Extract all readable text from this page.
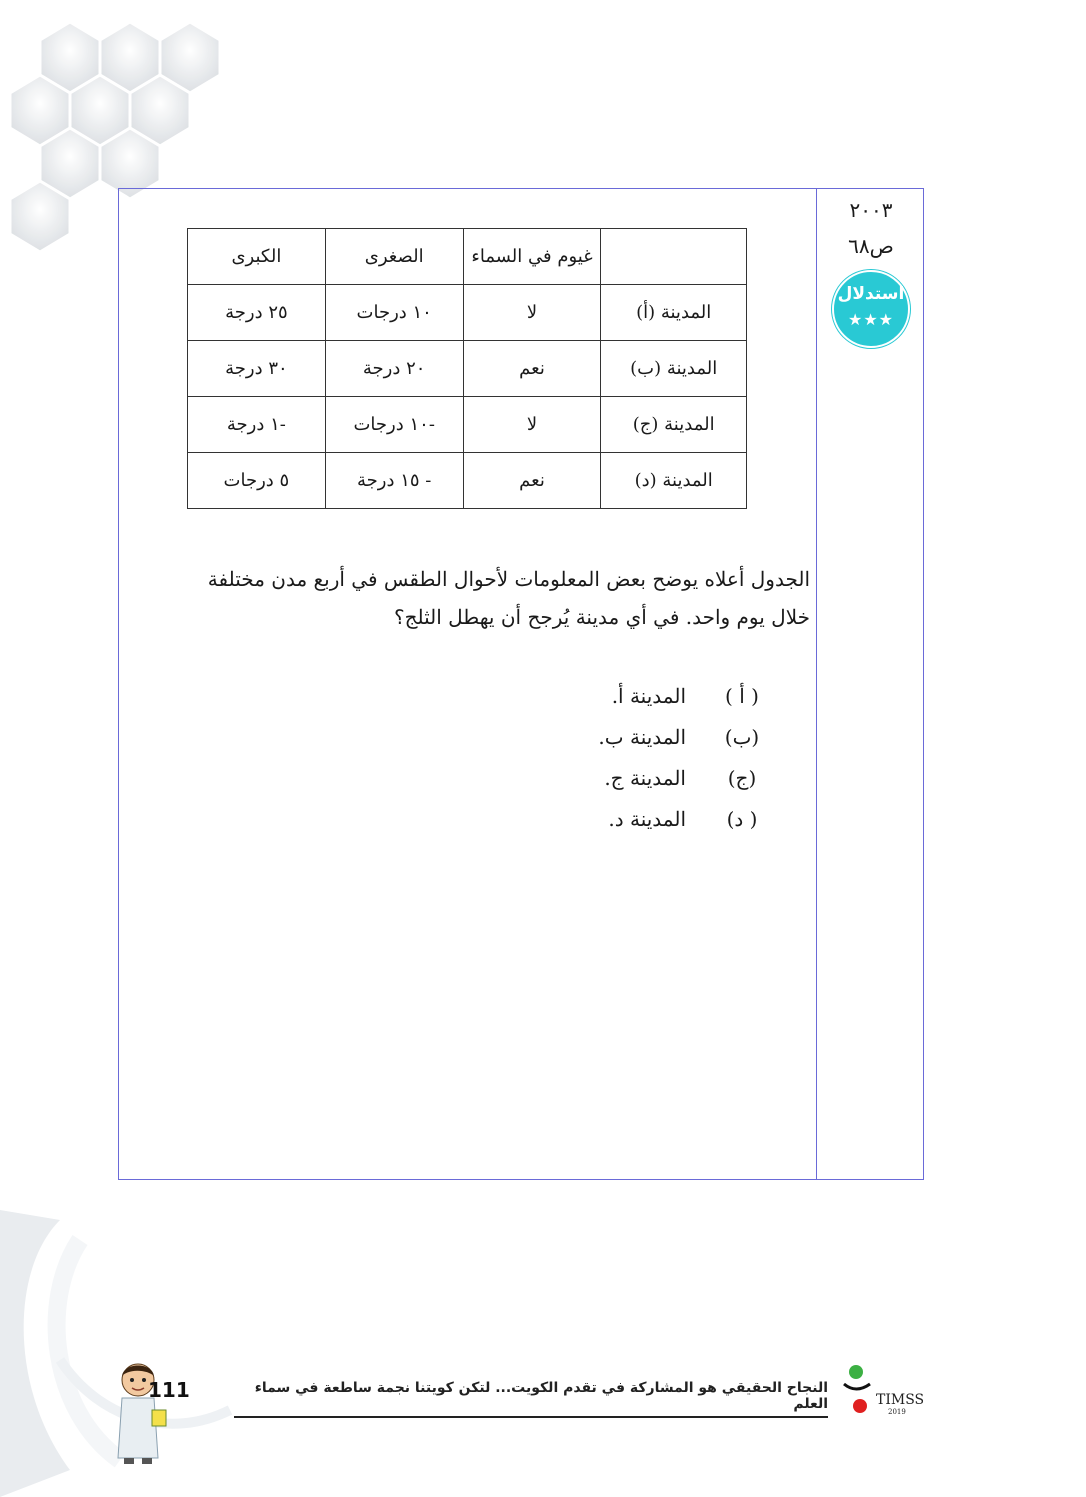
٢٠٠٣
ص٦٨
استدلال
★★★
	غيوم في السماء	الصغرى	الكبرى
المدينة (أ)	لا	١٠ درجات	٢٥ درجة
المدينة (ب)	نعم	٢٠ درجة	٣٠ درجة
المدينة (ج)	لا	-١٠ درجات	-١ درجة
المدينة (د)	نعم	- ١٥ درجة	٥ درجات
الجدول أعلاه يوضح بعض المعلومات لأحوال الطقس في أربع مدن مختلفة
خلال يوم واحد. في أي مدينة يُرجح أن يهطل الثلج؟
( أ )
المدينة أ.
(ب)
المدينة ب.
(ج)
المدينة ج.
( د)
المدينة د.
111	النجاح الحقيقي هو المشاركة في تقدم الكويت... لتكن كويتنا نجمة ساطعة في سماء العلم	TIMSS
2019
